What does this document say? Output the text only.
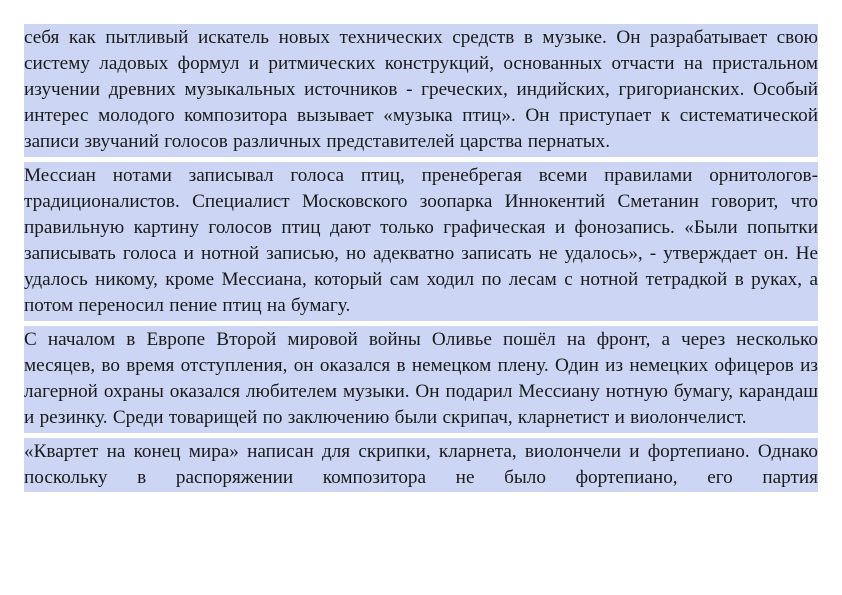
себя как пытливый искатель новых технических средств в музыке. Он разрабатывает свою систему ладовых формул и ритмических конструкций, основанных отчасти на пристальном изучении древних музыкальных источников - греческих, индийских, григорианских. Особый интерес молодого композитора вызывает «музыка птиц». Он приступает к систематической записи звучаний голосов различных представителей царства пернатых.

Мессиан нотами записывал голоса птиц, пренебрегая всеми правилами орнитологов-традиционалистов. Специалист Московского зоопарка Иннокентий Сметанин говорит, что правильную картину голосов птиц дают только графическая и фонозапись. «Были попытки записывать голоса и нотной записью, но адекватно записать не удалось», - утверждает он. Не удалось никому, кроме Мессиана, который сам ходил по лесам с нотной тетрадкой в руках, а потом переносил пение птиц на бумагу.

С началом в Европе Второй мировой войны Оливье пошёл на фронт, а через несколько месяцев, во время отступления, он оказался в немецком плену. Один из немецких офицеров из лагерной охраны оказался любителем музыки. Он подарил Мессиану нотную бумагу, карандаш и резинку. Среди товарищей по заключению были скрипач, кларнетист и виолончелист.

«Квартет на конец мира» написан для скрипки, кларнета, виолончели и фортепиано. Однако поскольку в распоряжении композитора не было фортепиано, его партия
